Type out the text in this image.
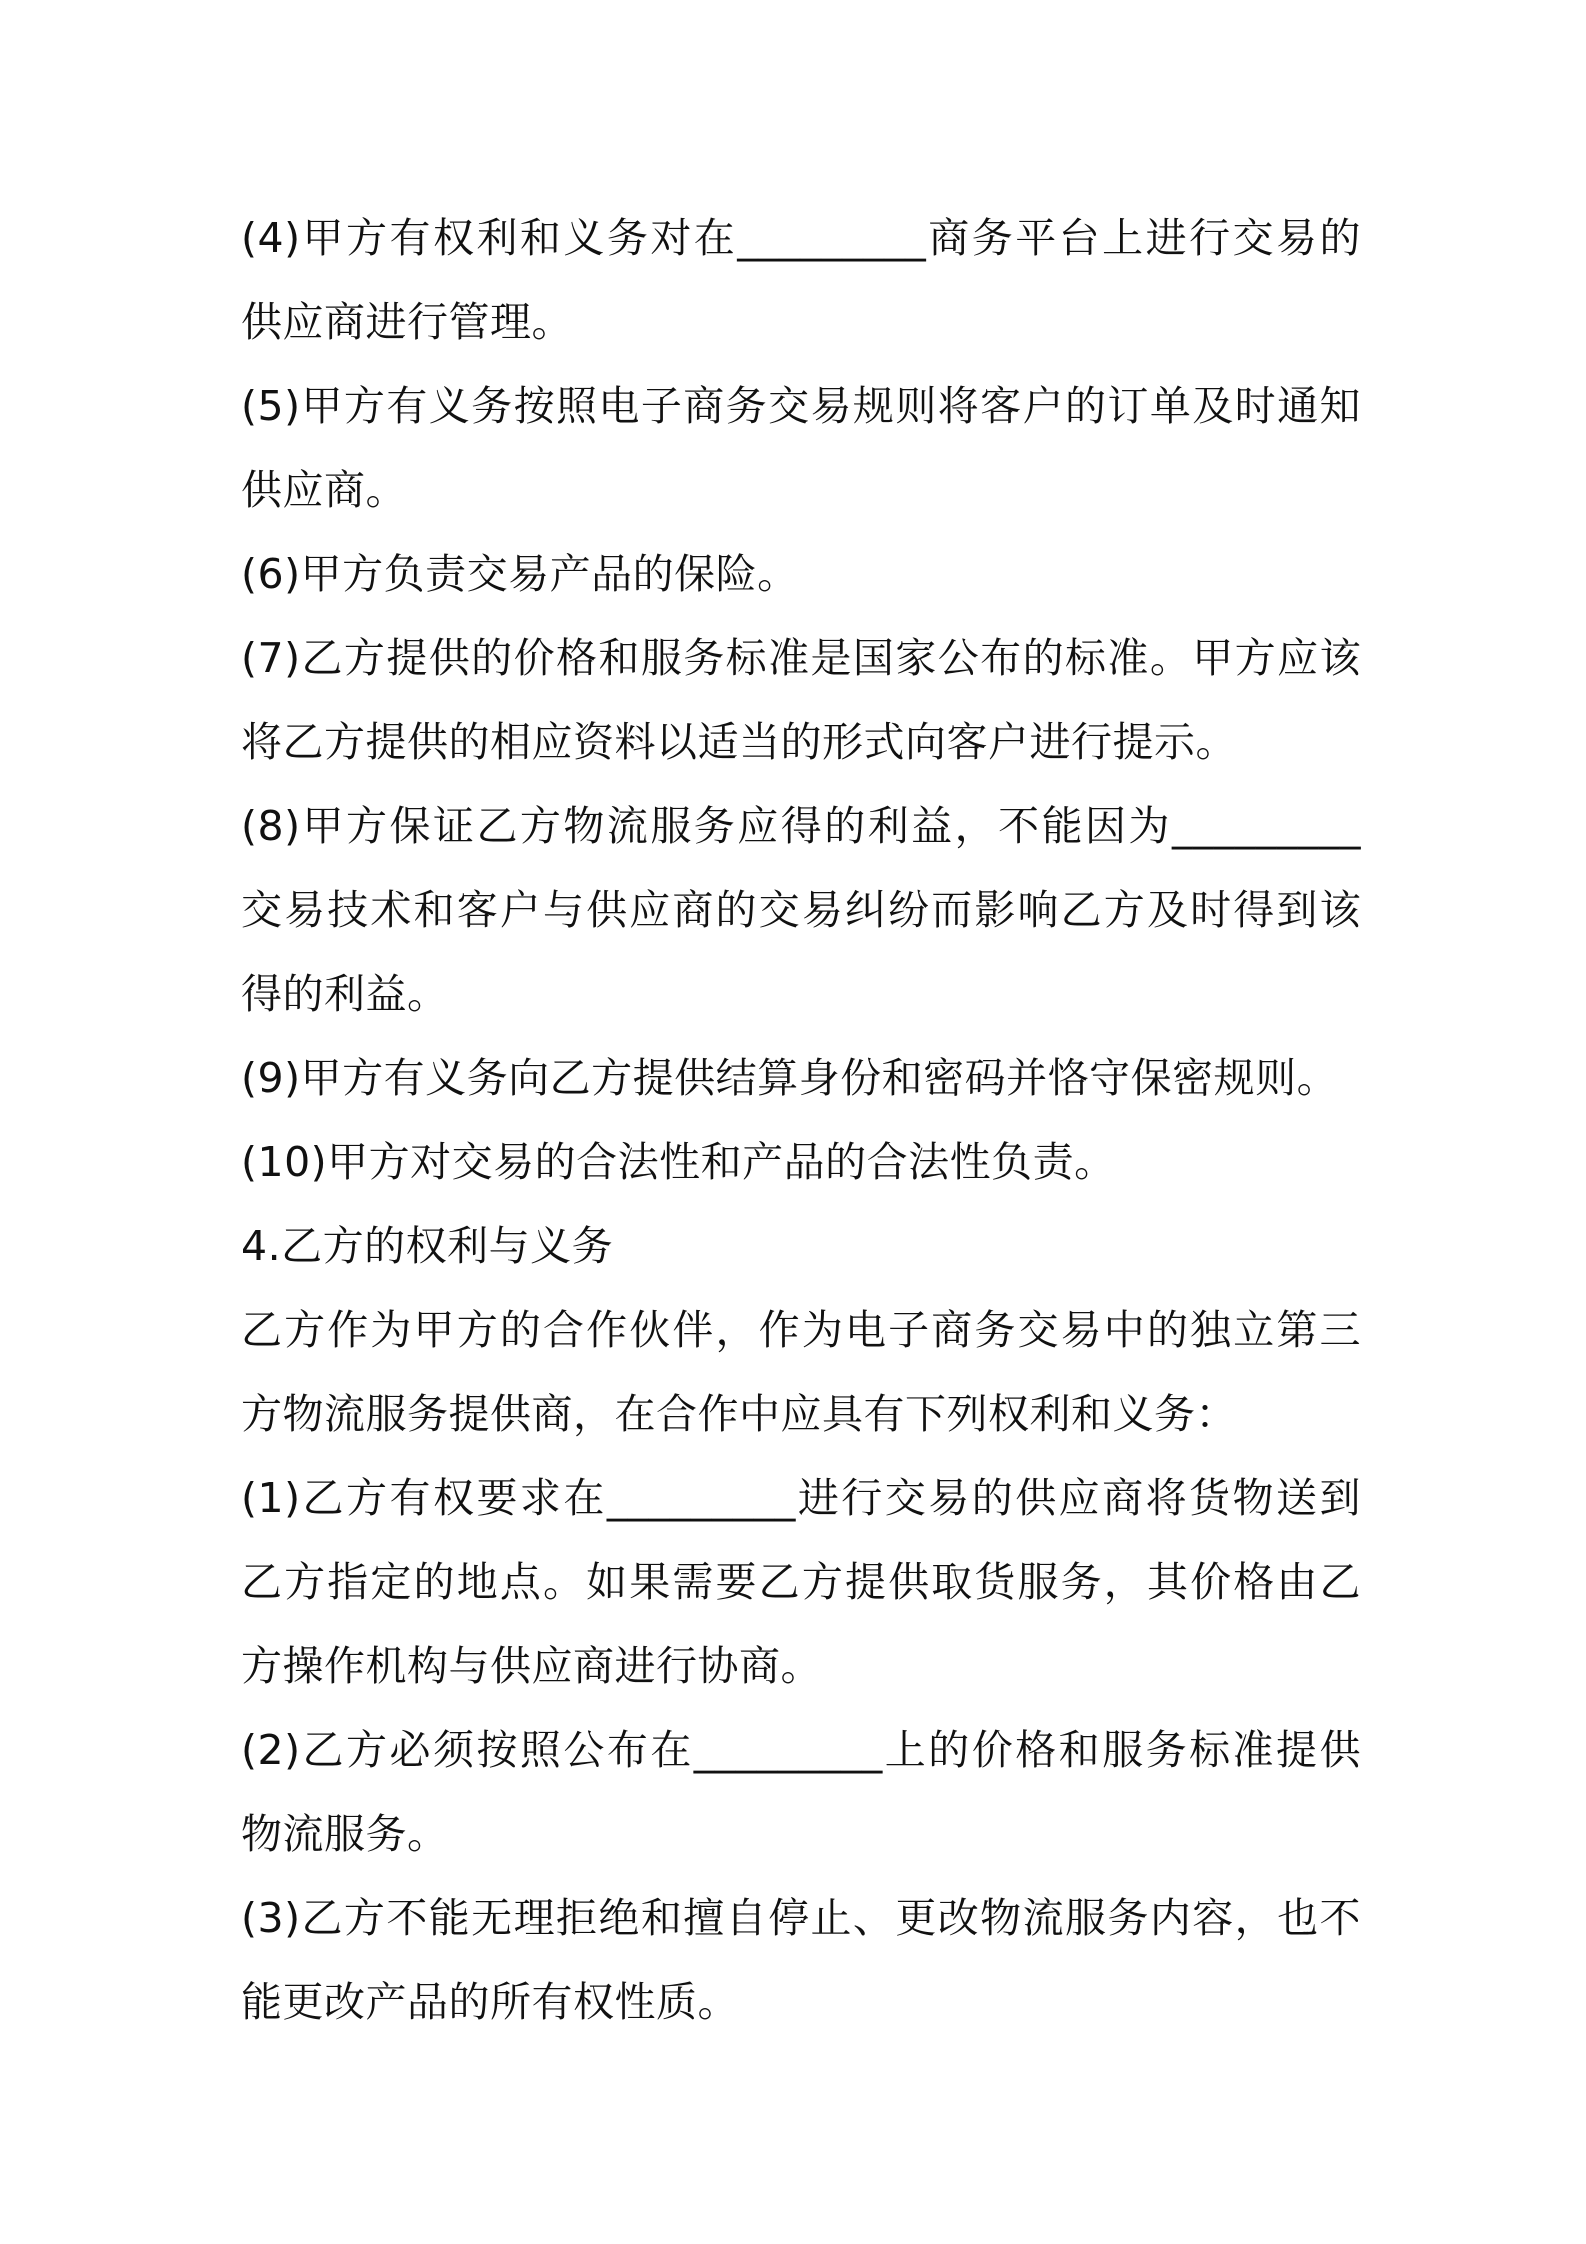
(4)甲方有权利和义务对在_________商务平台上进行交易的供应商进行管理。

(5)甲方有义务按照电子商务交易规则将客户的订单及时通知供应商。

(6)甲方负责交易产品的保险。

(7)乙方提供的价格和服务标准是国家公布的标准。甲方应该将乙方提供的相应资料以适当的形式向客户进行提示。

(8)甲方保证乙方物流服务应得的利益，不能因为_________交易技术和客户与供应商的交易纠纷而影响乙方及时得到该得的利益。

(9)甲方有义务向乙方提供结算身份和密码并恪守保密规则。

(10)甲方对交易的合法性和产品的合法性负责。

4.乙方的权利与义务

乙方作为甲方的合作伙伴，作为电子商务交易中的独立第三方物流服务提供商，在合作中应具有下列权利和义务：

(1)乙方有权要求在_________进行交易的供应商将货物送到乙方指定的地点。如果需要乙方提供取货服务，其价格由乙方操作机构与供应商进行协商。

(2)乙方必须按照公布在_________上的价格和服务标准提供物流服务。

(3)乙方不能无理拒绝和擅自停止、更改物流服务内容，也不能更改产品的所有权性质。
